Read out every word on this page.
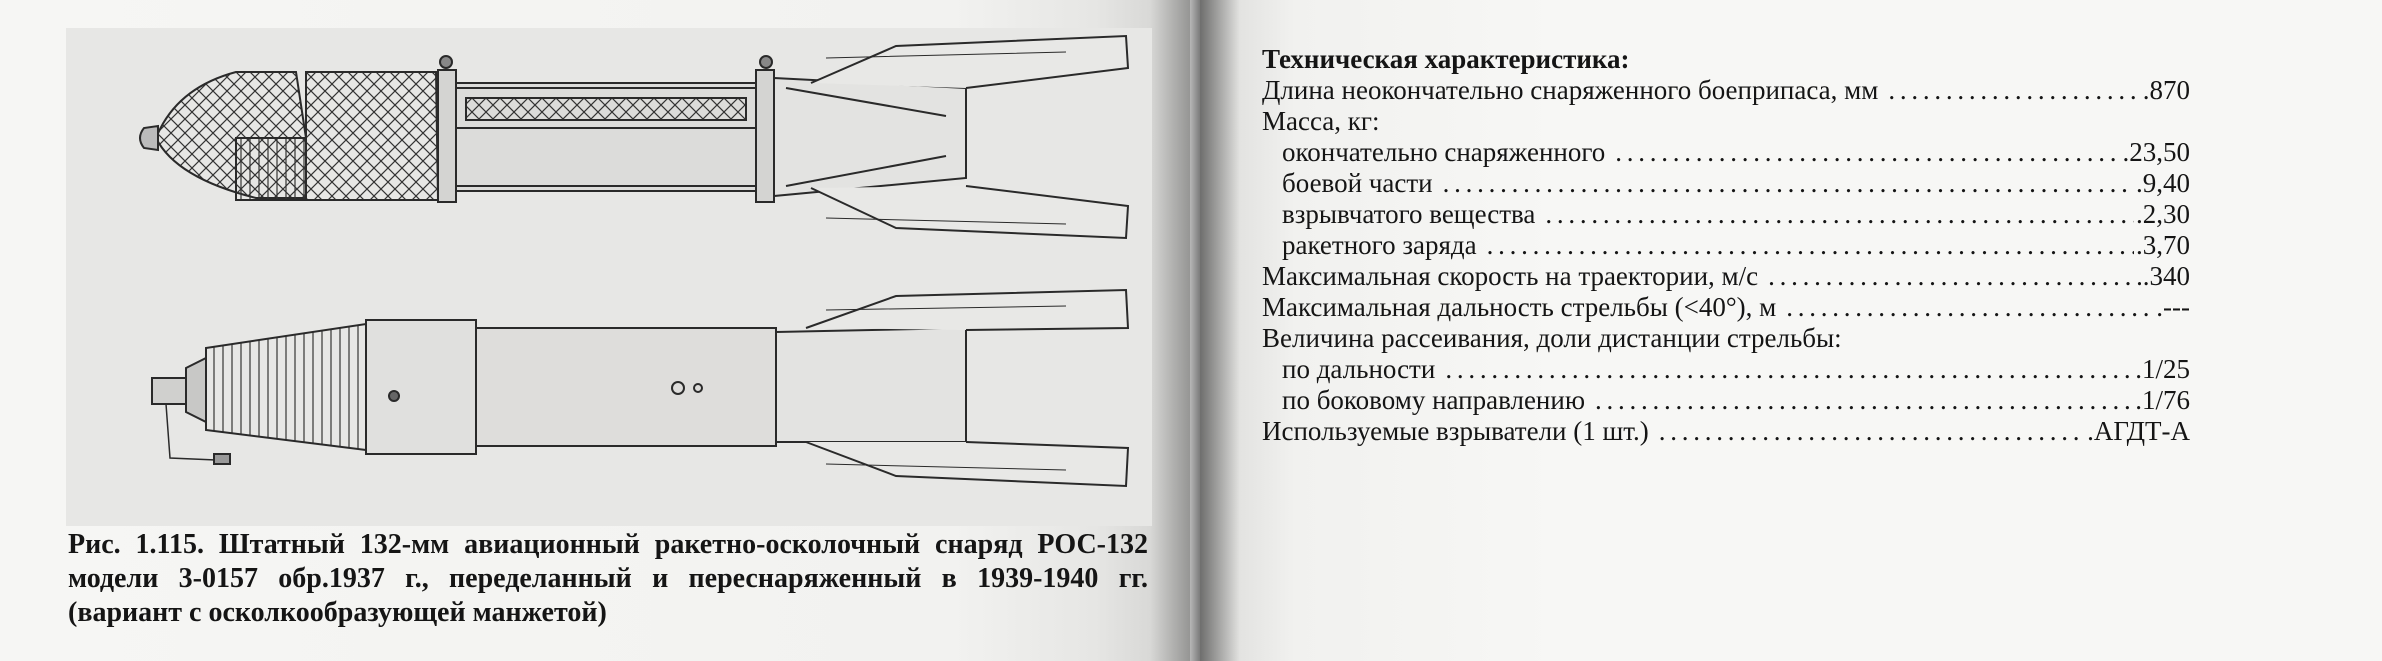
Рис. 1.115. Штатный 132-мм авиационный ракетно-осколочный снаряд РОС-132 модели 3-0157 обр.1937 г., переделанный и переснаряженный в 1939-1940 гг. (вариант с осколкообразующей манжетой)
Техническая характеристика:
Длина неокончательно снаряженного боеприпаса, мм . . .	.870
Масса, кг:
окончательно снаряженного . . .	.23,50
боевой части . . .	.9,40
взрывчатого вещества . . .	.2,30
ракетного заряда . . .	.3,70
Максимальная скорость на траектории, м/с . . .	.340
Максимальная дальность стрельбы (<40°), м . . .	.---
Величина рассеивания, доли дистанции стрельбы:
по дальности . . .	.1/25
по боковому направлению . . .	.1/76
Используемые взрыватели (1 шт.) . . .	.АГДТ-А
